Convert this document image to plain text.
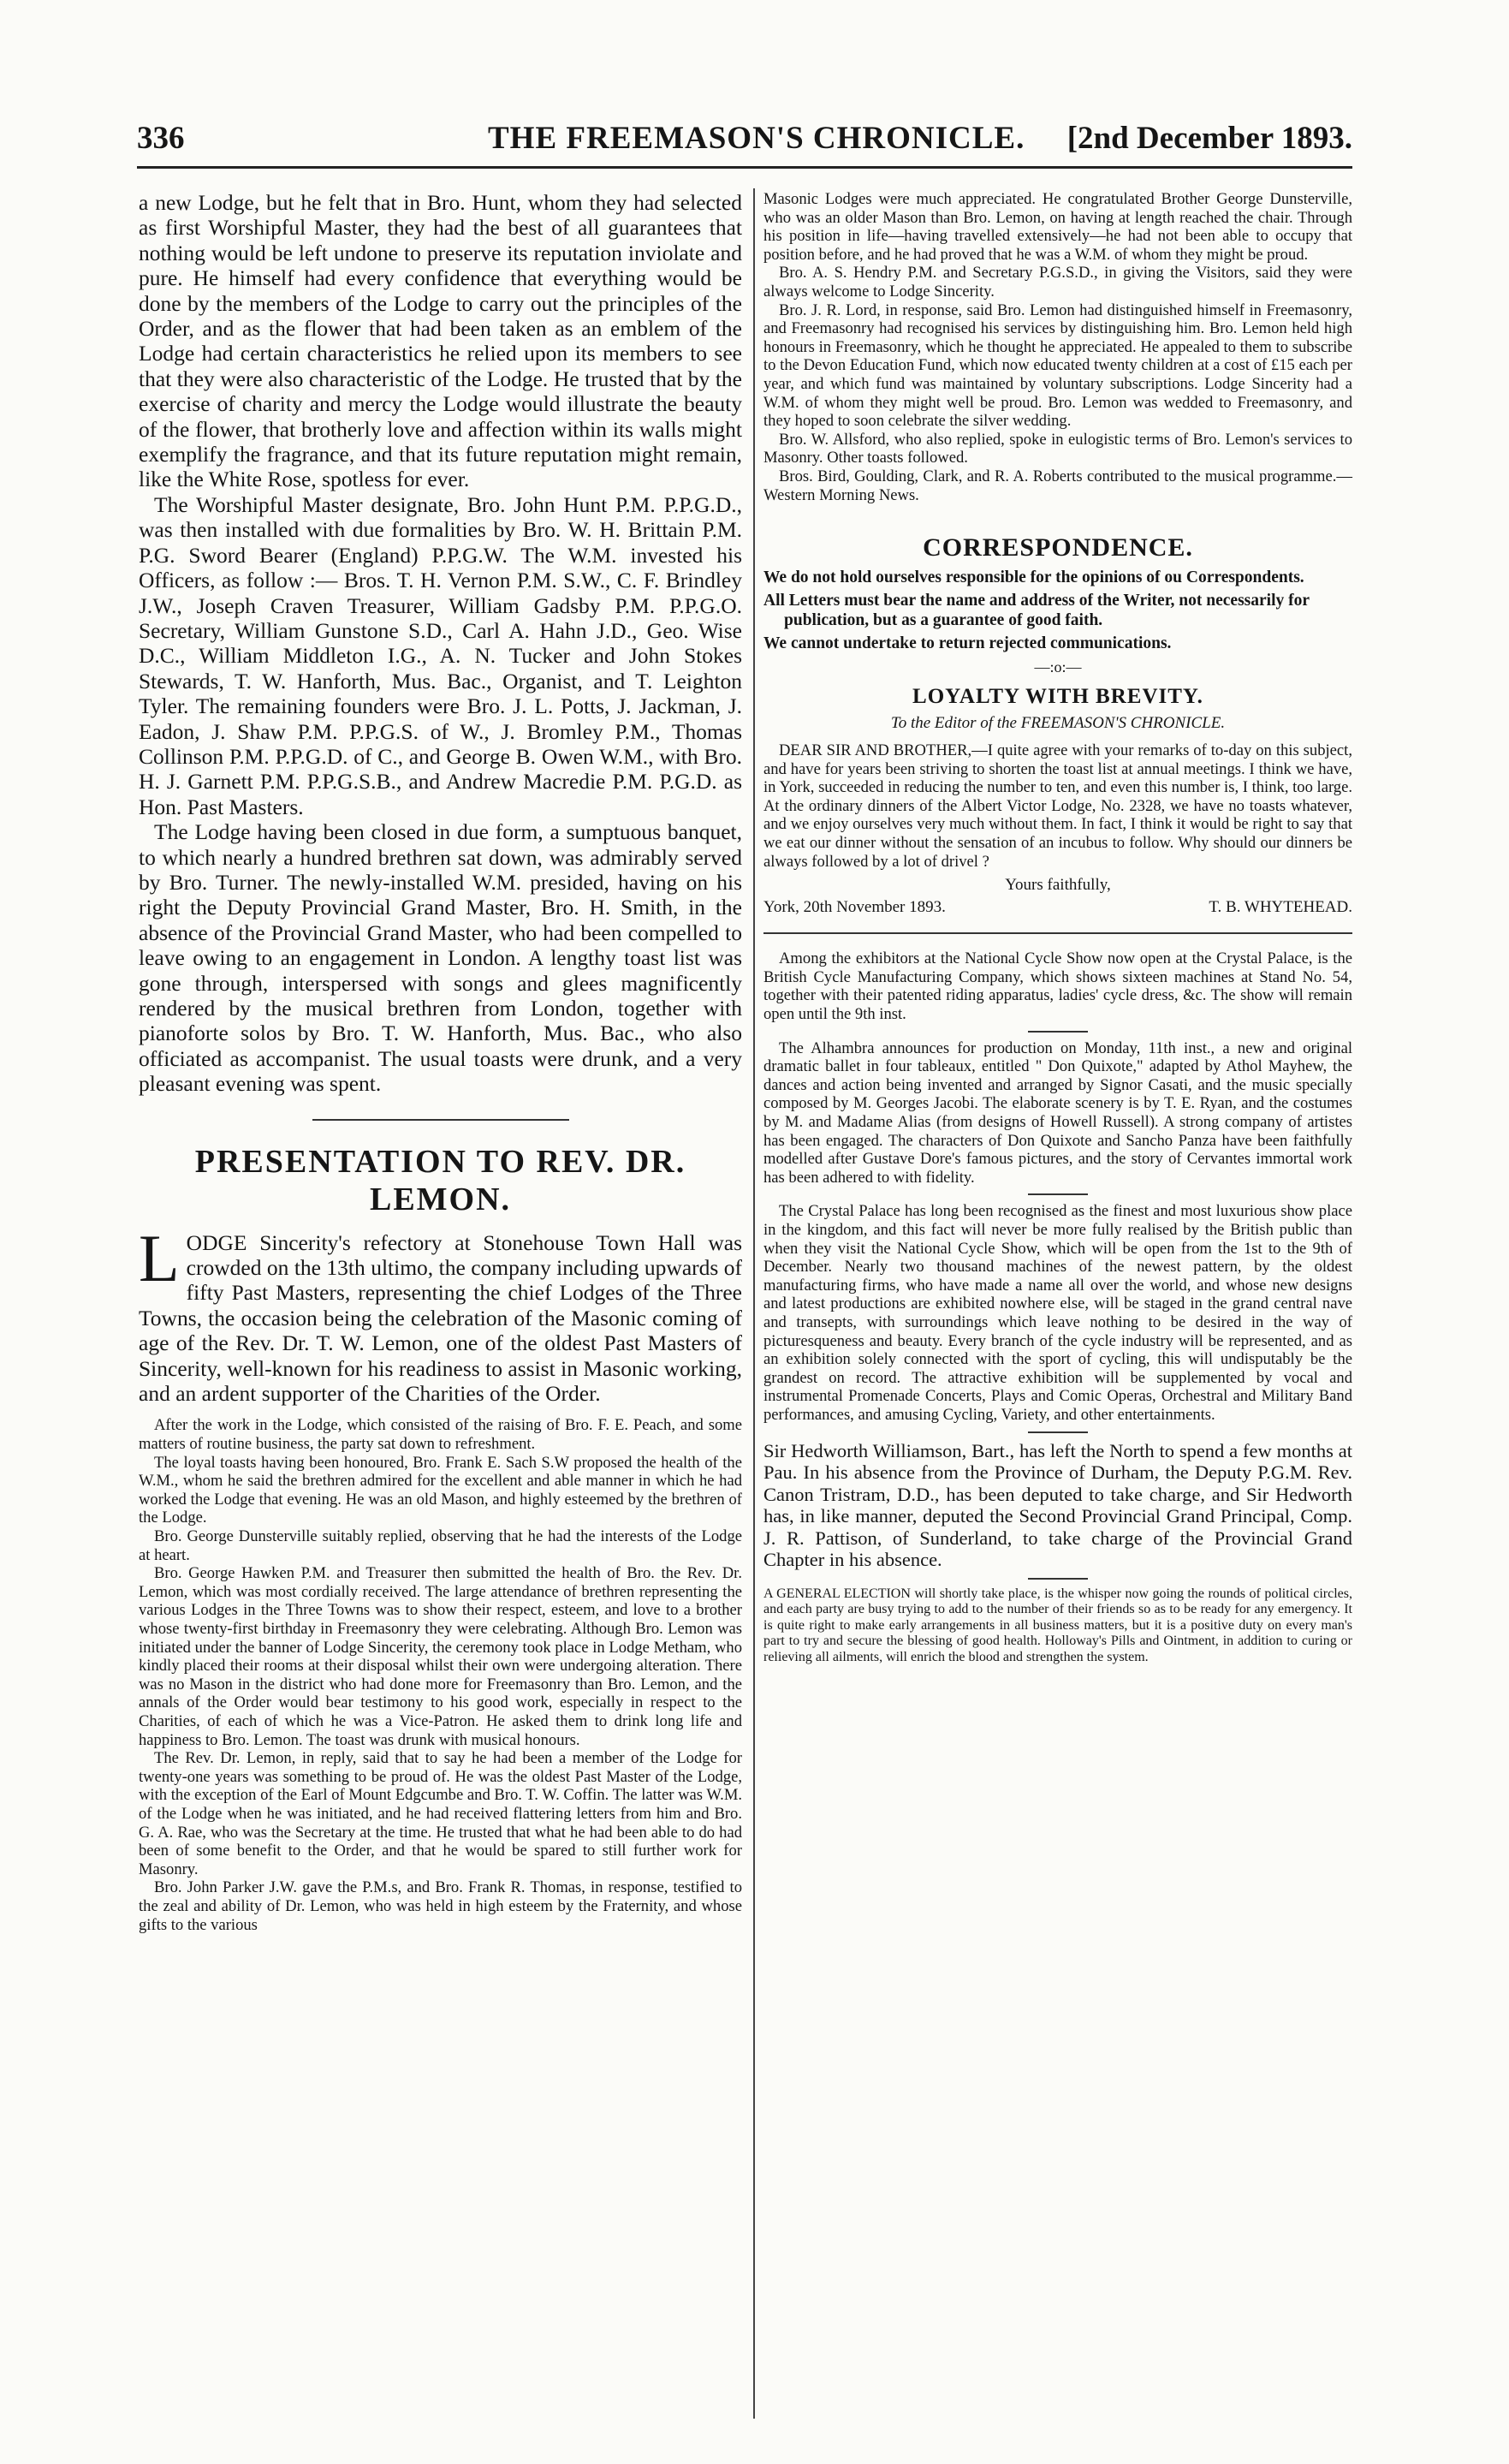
336	THE FREEMASON'S CHRONICLE. [2nd December 1893.

a new Lodge, but he felt that in Bro. Hunt, whom they had selected as first Worshipful Master, they had the best of all guarantees that nothing would be left undone to preserve its reputation inviolate and pure. He himself had every confidence that everything would be done by the members of the Lodge to carry out the principles of the Order, and as the flower that had been taken as an emblem of the Lodge had certain characteristics he relied upon its members to see that they were also characteristic of the Lodge. He trusted that by the exercise of charity and mercy the Lodge would illustrate the beauty of the flower, that brotherly love and affection within its walls might exemplify the fragrance, and that its future reputation might remain, like the White Rose, spotless for ever.

The Worshipful Master designate, Bro. John Hunt P.M. P.P.G.D., was then installed with due formalities by Bro. W. H. Brittain P.M. P.G. Sword Bearer (England) P.P.G.W. The W.M. invested his Officers, as follow :— Bros. T. H. Vernon P.M. S.W., C. F. Brindley J.W., Joseph Craven Treasurer, William Gadsby P.M. P.P.G.O. Secretary, William Gunstone S.D., Carl A. Hahn J.D., Geo. Wise D.C., William Middleton I.G., A. N. Tucker and John Stokes Stewards, T. W. Hanforth, Mus. Bac., Organist, and T. Leighton Tyler. The remaining founders were Bro. J. L. Potts, J. Jackman, J. Eadon, J. Shaw P.M. P.P.G.S. of W., J. Bromley P.M., Thomas Collinson P.M. P.P.G.D. of C., and George B. Owen W.M., with Bro. H. J. Garnett P.M. P.P.G.S.B., and Andrew Macredie P.M. P.G.D. as Hon. Past Masters.

The Lodge having been closed in due form, a sumptuous banquet, to which nearly a hundred brethren sat down, was admirably served by Bro. Turner. The newly-installed W.M. presided, having on his right the Deputy Provincial Grand Master, Bro. H. Smith, in the absence of the Provincial Grand Master, who had been compelled to leave owing to an engagement in London. A lengthy toast list was gone through, interspersed with songs and glees magnificently rendered by the musical brethren from London, together with pianoforte solos by Bro. T. W. Hanforth, Mus. Bac., who also officiated as accompanist. The usual toasts were drunk, and a very pleasant evening was spent.

PRESENTATION TO REV. DR. LEMON.
L ODGE Sincerity's refectory at Stonehouse Town Hall was crowded on the 13th ultimo, the company including upwards of fifty Past Masters, representing the chief Lodges of the Three Towns, the occasion being the celebration of the Masonic coming of age of the Rev. Dr. T. W. Lemon, one of the oldest Past Masters of Sincerity, well-known for his readiness to assist in Masonic working, and an ardent supporter of the Charities of the Order.

After the work in the Lodge, which consisted of the raising of Bro. F. E. Peach, and some matters of routine business, the party sat down to refreshment.

The loyal toasts having been honoured, Bro. Frank E. Sach S.W proposed the health of the W.M., whom he said the brethren admired for the excellent and able manner in which he had worked the Lodge that evening. He was an old Mason, and highly esteemed by the brethren of the Lodge.

Bro. George Dunsterville suitably replied, observing that he had the interests of the Lodge at heart.

Bro. George Hawken P.M. and Treasurer then submitted the health of Bro. the Rev. Dr. Lemon, which was most cordially received. The large attendance of brethren representing the various Lodges in the Three Towns was to show their respect, esteem, and love to a brother whose twenty-first birthday in Freemasonry they were celebrating. Although Bro. Lemon was initiated under the banner of Lodge Sincerity, the ceremony took place in Lodge Metham, who kindly placed their rooms at their disposal whilst their own were undergoing alteration. There was no Mason in the district who had done more for Freemasonry than Bro. Lemon, and the annals of the Order would bear testimony to his good work, especially in respect to the Charities, of each of which he was a Vice-Patron. He asked them to drink long life and happiness to Bro. Lemon. The toast was drunk with musical honours.

The Rev. Dr. Lemon, in reply, said that to say he had been a member of the Lodge for twenty-one years was something to be proud of. He was the oldest Past Master of the Lodge, with the exception of the Earl of Mount Edgcumbe and Bro. T. W. Coffin. The latter was W.M. of the Lodge when he was initiated, and he had received flattering letters from him and Bro. G. A. Rae, who was the Secretary at the time. He trusted that what he had been able to do had been of some benefit to the Order, and that he would be spared to still further work for Masonry.

Bro. John Parker J.W. gave the P.M.s, and Bro. Frank R. Thomas, in response, testified to the zeal and ability of Dr. Lemon, who was held in high esteem by the Fraternity, and whose gifts to the various

Masonic Lodges were much appreciated. He congratulated Brother George Dunsterville, who was an older Mason than Bro. Lemon, on having at length reached the chair. Through his position in life—having travelled extensively—he had not been able to occupy that position before, and he had proved that he was a W.M. of whom they might be proud.

Bro. A. S. Hendry P.M. and Secretary P.G.S.D., in giving the Visitors, said they were always welcome to Lodge Sincerity.

Bro. J. R. Lord, in response, said Bro. Lemon had distinguished himself in Freemasonry, and Freemasonry had recognised his services by distinguishing him. Bro. Lemon held high honours in Freemasonry, which he thought he appreciated. He appealed to them to subscribe to the Devon Education Fund, which now educated twenty children at a cost of £15 each per year, and which fund was maintained by voluntary subscriptions. Lodge Sincerity had a W.M. of whom they might well be proud. Bro. Lemon was wedded to Freemasonry, and they hoped to soon celebrate the silver wedding.

Bro. W. Allsford, who also replied, spoke in eulogistic terms of Bro. Lemon's services to Masonry. Other toasts followed.

Bros. Bird, Goulding, Clark, and R. A. Roberts contributed to the musical programme.—Western Morning News.

CORRESPONDENCE.
We do not hold ourselves responsible for the opinions of ou Correspondents.
All Letters must bear the name and address of the Writer, not necessarily for publication, but as a guarantee of good faith.
We cannot undertake to return rejected communications.
—:o:—
LOYALTY WITH BREVITY.
To the Editor of the FREEMASON'S CHRONICLE.

DEAR SIR AND BROTHER,—I quite agree with your remarks of to-day on this subject, and have for years been striving to shorten the toast list at annual meetings. I think we have, in York, succeeded in reducing the number to ten, and even this number is, I think, too large. At the ordinary dinners of the Albert Victor Lodge, No. 2328, we have no toasts whatever, and we enjoy ourselves very much without them. In fact, I think it would be right to say that we eat our dinner without the sensation of an incubus to follow. Why should our dinners be always followed by a lot of drivel ?

Yours faithfully,
York, 20th November 1893.	T. B. WHYTEHEAD.

Among the exhibitors at the National Cycle Show now open at the Crystal Palace, is the British Cycle Manufacturing Company, which shows sixteen machines at Stand No. 54, together with their patented riding apparatus, ladies' cycle dress, &c. The show will remain open until the 9th inst.

The Alhambra announces for production on Monday, 11th inst., a new and original dramatic ballet in four tableaux, entitled " Don Quixote," adapted by Athol Mayhew, the dances and action being invented and arranged by Signor Casati, and the music specially composed by M. Georges Jacobi. The elaborate scenery is by T. E. Ryan, and the costumes by M. and Madame Alias (from designs of Howell Russell). A strong company of artistes has been engaged. The characters of Don Quixote and Sancho Panza have been faithfully modelled after Gustave Dore's famous pictures, and the story of Cervantes immortal work has been adhered to with fidelity.

The Crystal Palace has long been recognised as the finest and most luxurious show place in the kingdom, and this fact will never be more fully realised by the British public than when they visit the National Cycle Show, which will be open from the 1st to the 9th of December. Nearly two thousand machines of the newest pattern, by the oldest manufacturing firms, who have made a name all over the world, and whose new designs and latest productions are exhibited nowhere else, will be staged in the grand central nave and transepts, with surroundings which leave nothing to be desired in the way of picturesqueness and beauty. Every branch of the cycle industry will be represented, and as an exhibition solely connected with the sport of cycling, this will undisputably be the grandest on record. The attractive exhibition will be supplemented by vocal and instrumental Promenade Concerts, Plays and Comic Operas, Orchestral and Military Band performances, and amusing Cycling, Variety, and other entertainments.

Sir Hedworth Williamson, Bart., has left the North to spend a few months at Pau. In his absence from the Province of Durham, the Deputy P.G.M. Rev. Canon Tristram, D.D., has been deputed to take charge, and Sir Hedworth has, in like manner, deputed the Second Provincial Grand Principal, Comp. J. R. Pattison, of Sunderland, to take charge of the Provincial Grand Chapter in his absence.

A GENERAL ELECTION will shortly take place, is the whisper now going the rounds of political circles, and each party are busy trying to add to the number of their friends so as to be ready for any emergency. It is quite right to make early arrangements in all business matters, but it is a positive duty on every man's part to try and secure the blessing of good health. Holloway's Pills and Ointment, in addition to curing or relieving all ailments, will enrich the blood and strengthen the system.
